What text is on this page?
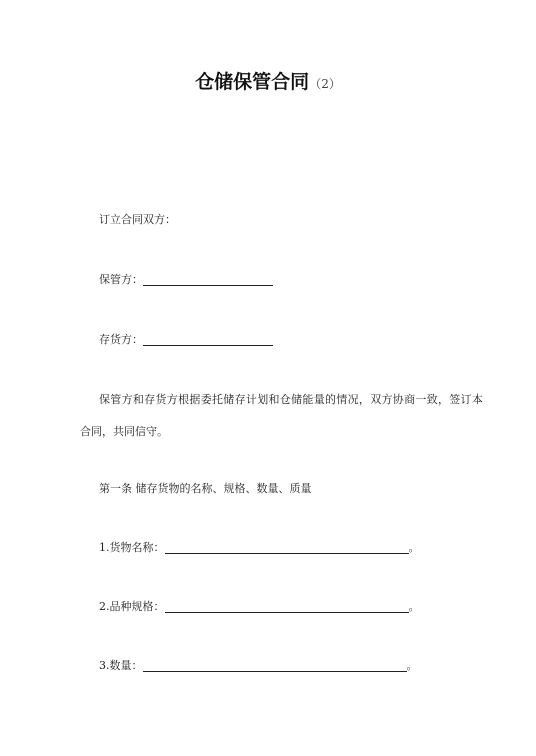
仓储保管合同（2）
订立合同双方：
保管方：
存货方：
保管方和存货方根据委托储存计划和仓储能量的情况，双方协商一致，签订本
合同，共同信守。
第一条 储存货物的名称、规格、数量、质量
1.货物名称：	。
2.品种规格：	。
3.数量：	。
